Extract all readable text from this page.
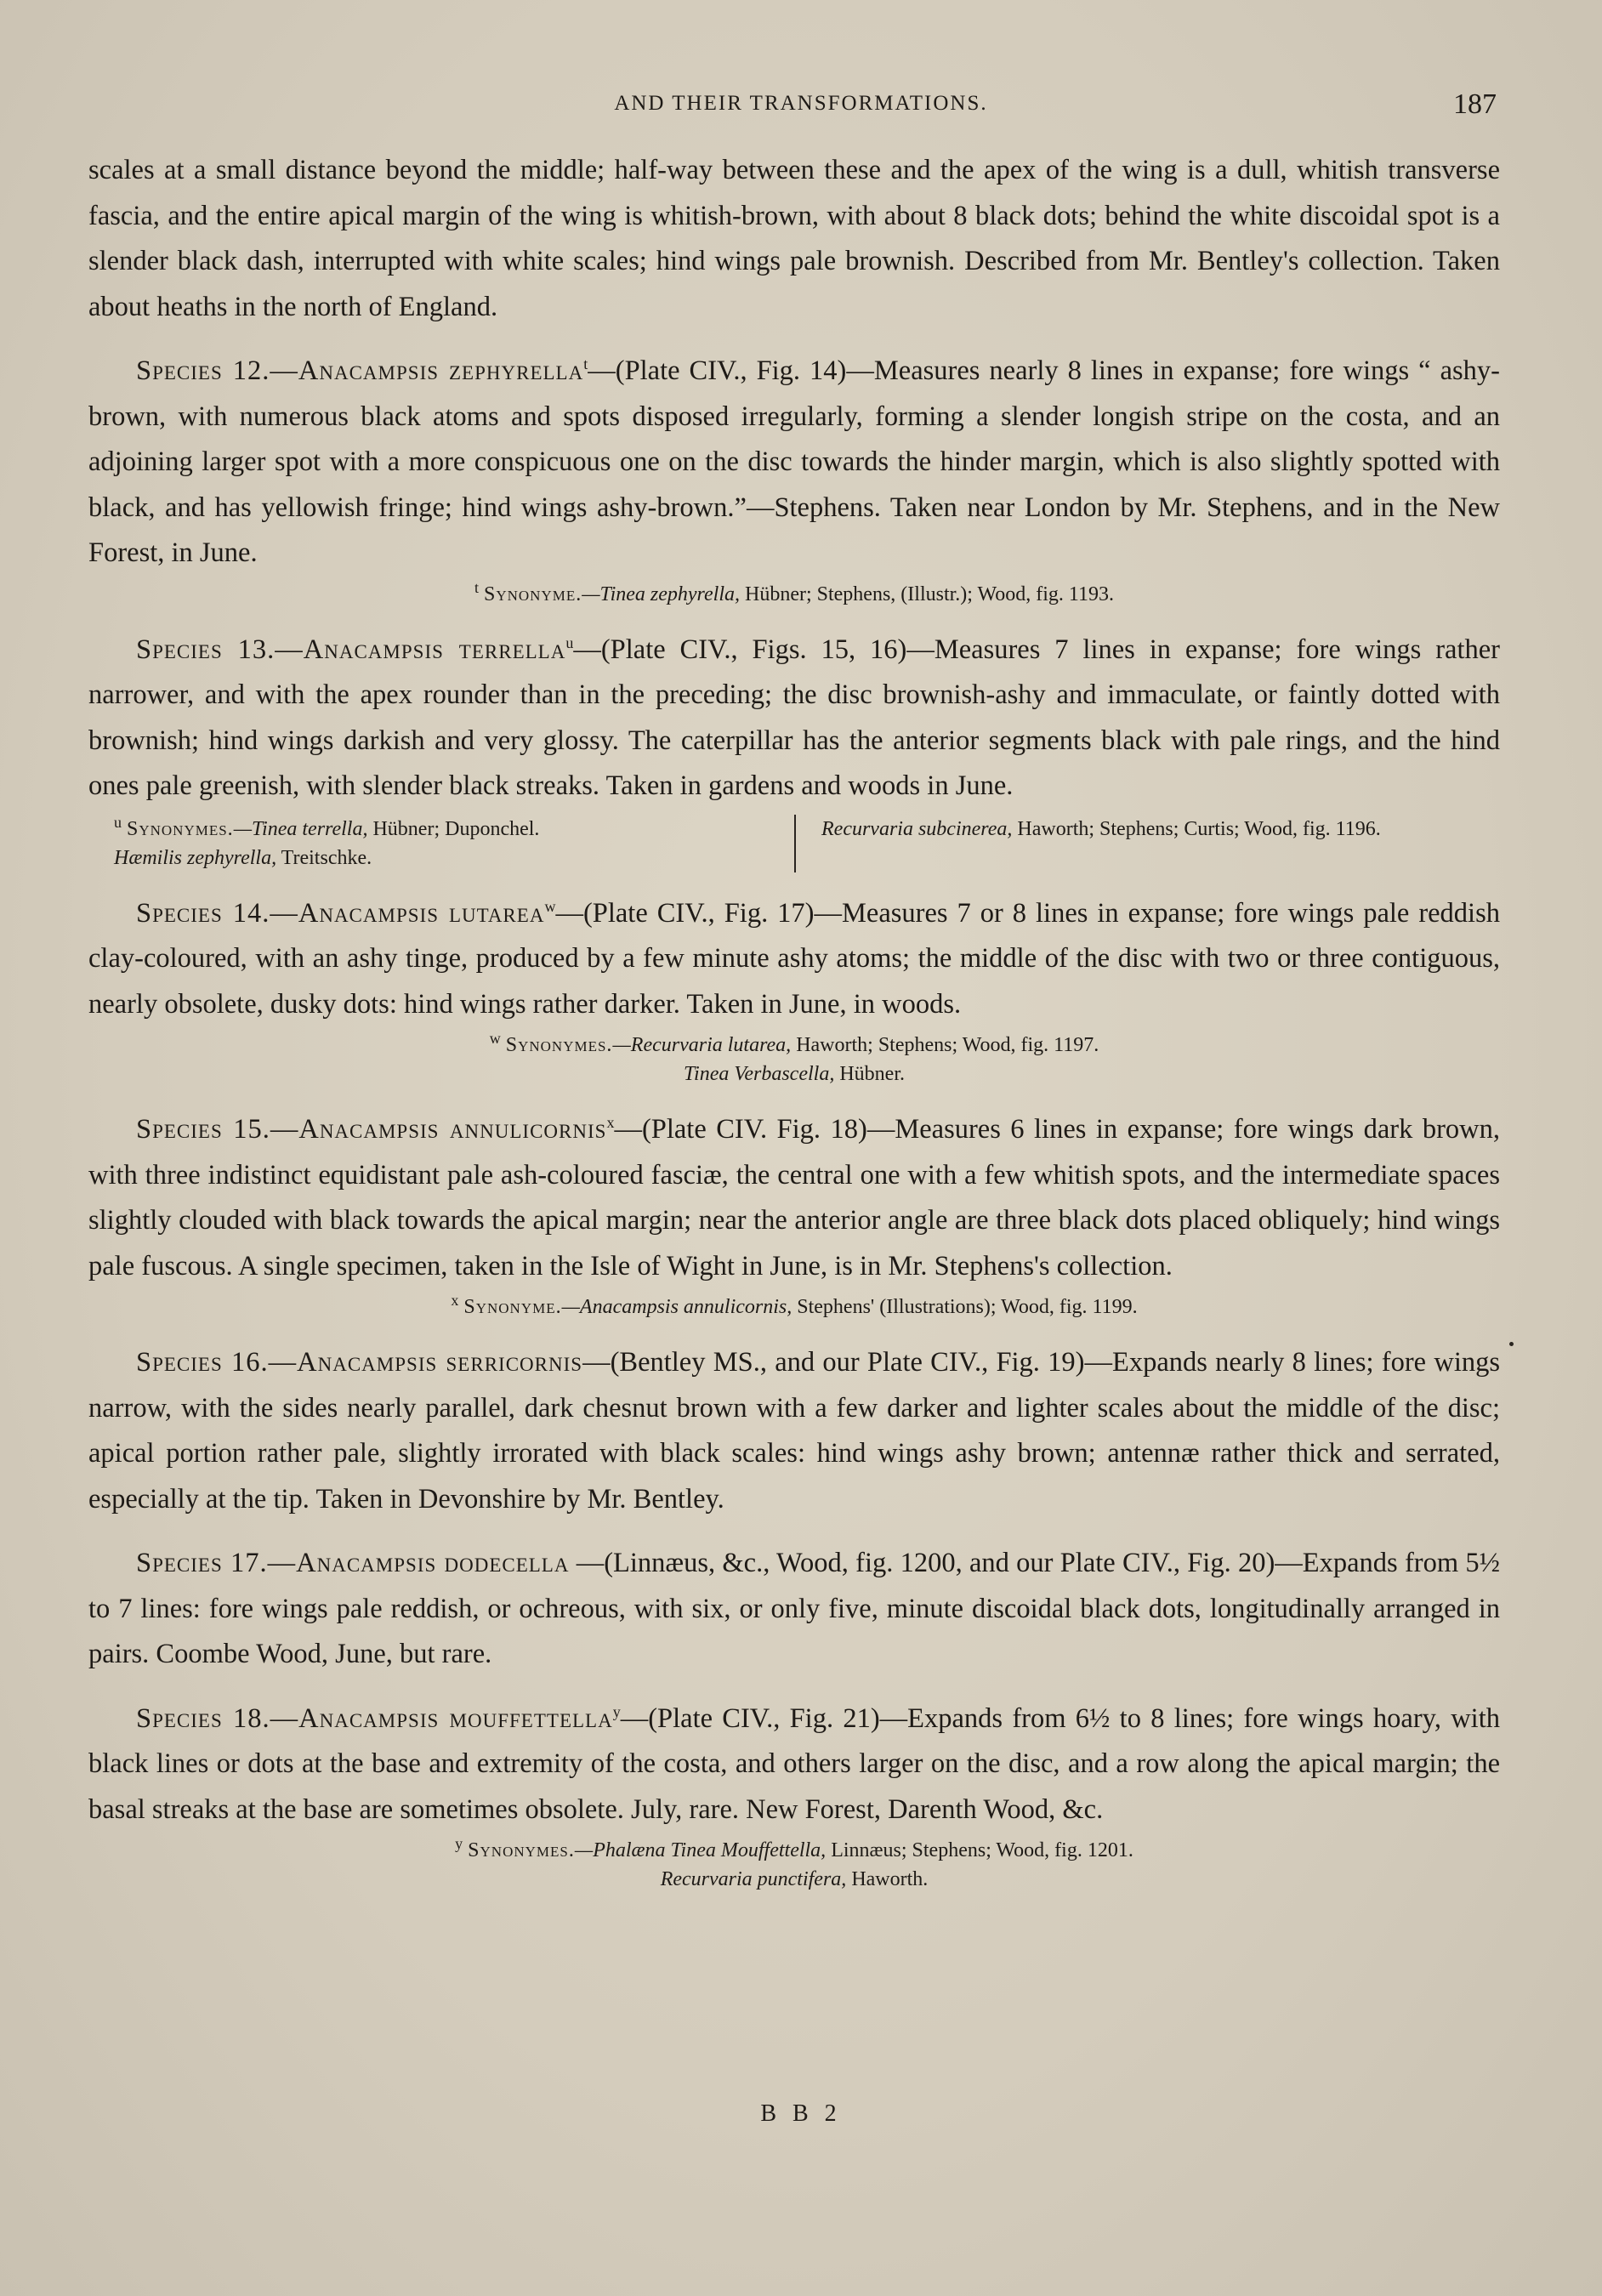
AND THEIR TRANSFORMATIONS.	187

scales at a small distance beyond the middle; half-way between these and the apex of the wing is a dull, whitish transverse fascia, and the entire apical margin of the wing is whitish-brown, with about 8 black dots; behind the white discoidal spot is a slender black dash, interrupted with white scales; hind wings pale brownish. Described from Mr. Bentley's collection. Taken about heaths in the north of England.

Species 12.—Anacampsis zephyrella$^t$—(Plate CIV., Fig. 14)—Measures nearly 8 lines in expanse; fore wings “ ashy-brown, with numerous black atoms and spots disposed irregularly, forming a slender longish stripe on the costa, and an adjoining larger spot with a more conspicuous one on the disc towards the hinder margin, which is also slightly spotted with black, and has yellowish fringe; hind wings ashy-brown.”—Stephens. Taken near London by Mr. Stephens, and in the New Forest, in June.

$^t$ Synonyme.—Tinea zephyrella, Hübner; Stephens, (Illustr.); Wood, fig. 1193.

Species 13.—Anacampsis terrella$^u$—(Plate CIV., Figs. 15, 16)—Measures 7 lines in expanse; fore wings rather narrower, and with the apex rounder than in the preceding; the disc brownish-ashy and immaculate, or faintly dotted with brownish; hind wings darkish and very glossy. The caterpillar has the anterior segments black with pale rings, and the hind ones pale greenish, with slender black streaks. Taken in gardens and woods in June.

$^u$ Synonymes.—Tinea terrella, Hübner; Duponchel.
Hæmilis zephyrella, Treitschke.
Recurvaria subcinerea, Haworth; Stephens; Curtis; Wood, fig. 1196.

Species 14.—Anacampsis lutarea$^w$—(Plate CIV., Fig. 17)—Measures 7 or 8 lines in expanse; fore wings pale reddish clay-coloured, with an ashy tinge, produced by a few minute ashy atoms; the middle of the disc with two or three contiguous, nearly obsolete, dusky dots: hind wings rather darker. Taken in June, in woods.

$^w$ Synonymes.—Recurvaria lutarea, Haworth; Stephens; Wood, fig. 1197.
Tinea Verbascella, Hübner.

Species 15.—Anacampsis annulicornis$^x$—(Plate CIV. Fig. 18)—Measures 6 lines in expanse; fore wings dark brown, with three indistinct equidistant pale ash-coloured fasciæ, the central one with a few whitish spots, and the intermediate spaces slightly clouded with black towards the apical margin; near the anterior angle are three black dots placed obliquely; hind wings pale fuscous. A single specimen, taken in the Isle of Wight in June, is in Mr. Stephens's collection.

$^x$ Synonyme.—Anacampsis annulicornis, Stephens' (Illustrations); Wood, fig. 1199.

Species 16.—Anacampsis serricornis—(Bentley MS., and our Plate CIV., Fig. 19)—Expands nearly 8 lines; fore wings narrow, with the sides nearly parallel, dark chesnut brown with a few darker and lighter scales about the middle of the disc; apical portion rather pale, slightly irrorated with black scales: hind wings ashy brown; antennæ rather thick and serrated, especially at the tip. Taken in Devonshire by Mr. Bentley.

Species 17.—Anacampsis dodecella —(Linnæus, &c., Wood, fig. 1200, and our Plate CIV., Fig. 20)—Expands from 5½ to 7 lines: fore wings pale reddish, or ochreous, with six, or only five, minute discoidal black dots, longitudinally arranged in pairs. Coombe Wood, June, but rare.

Species 18.—Anacampsis mouffettella$^y$—(Plate CIV., Fig. 21)—Expands from 6½ to 8 lines; fore wings hoary, with black lines or dots at the base and extremity of the costa, and others larger on the disc, and a row along the apical margin; the basal streaks at the base are sometimes obsolete. July, rare. New Forest, Darenth Wood, &c.

$^y$ Synonymes.—Phalæna Tinea Mouffettella, Linnæus; Stephens; Wood, fig. 1201.
Recurvaria punctifera, Haworth.
B B 2
